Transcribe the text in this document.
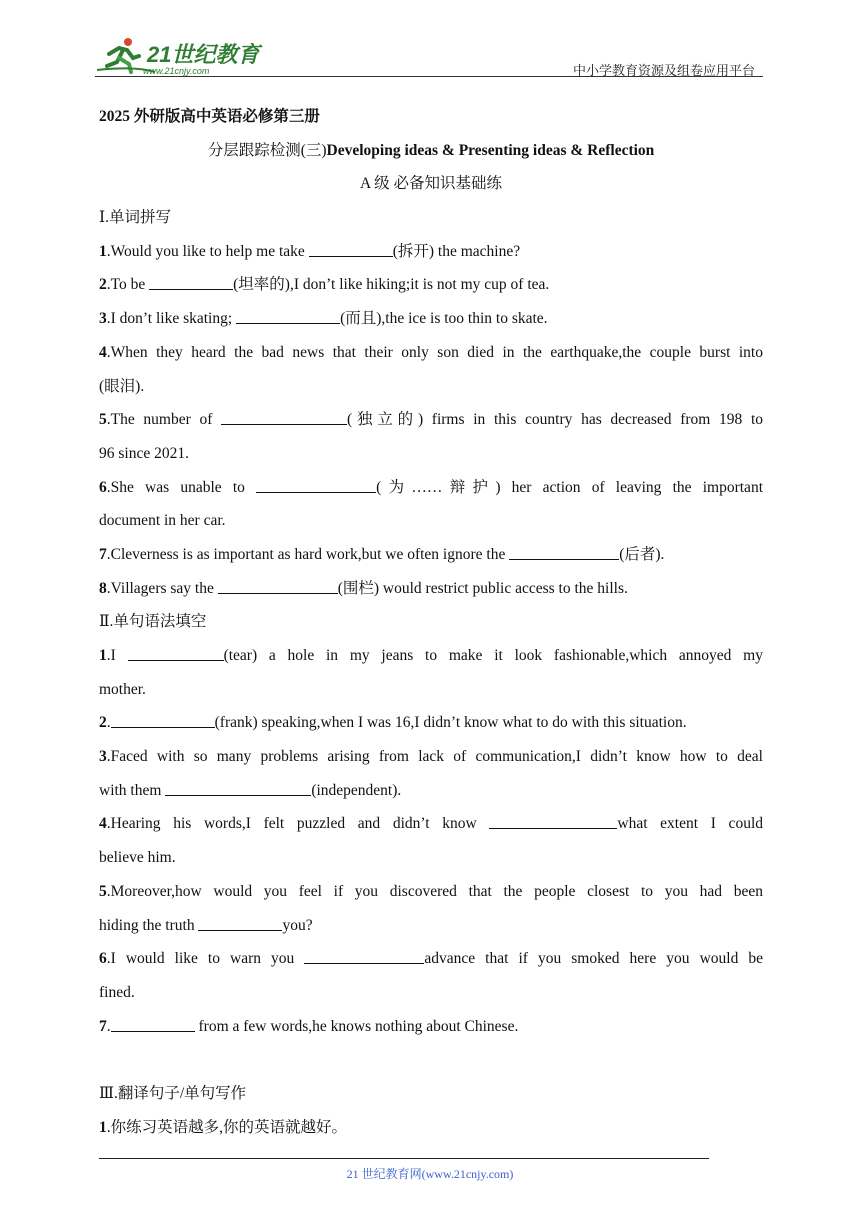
21世纪教育
www.21cnjy.com	中小学教育资源及组卷应用平台
2025 外研版高中英语必修第三册
分层跟踪检测(三)Developing ideas & Presenting ideas & Reflection
A 级 必备知识基础练
Ⅰ.单词拼写
1.Would you like to help me take	(拆开) the machine?
2.To be	(坦率的),I don’t like hiking;it is not my cup of tea.
3.I don’t like skating;	(而且),the ice is too thin to skate.
4.When they heard the bad news that their only son died in the earthquake,the couple burst into
(眼泪).
5.The number of	(独立的) firms in this country has decreased from 198 to
96 since 2021.
6.She was unable to	(为……辩护) her action of leaving the important
document in her car.
7.Cleverness is as important as hard work,but we often ignore the	(后者).
8.Villagers say the	(围栏) would restrict public access to the hills.
Ⅱ.单句语法填空
1.I	(tear) a hole in my jeans to make it look fashionable,which annoyed my
mother.
2.	(frank) speaking,when I was 16,I didn’t know what to do with this situation.
3.Faced with so many problems arising from lack of communication,I didn’t know how to deal
with them	(independent).
4.Hearing his words,I felt puzzled and didn’t know	what extent I could
believe him.
5.Moreover,how would you feel if you discovered that the people closest to you had been
hiding the truth	you?
6.I would like to warn you	advance that if you smoked here you would be
fined.
7.	from a few words,he knows nothing about Chinese.
Ⅲ.翻译句子/单句写作
1.你练习英语越多,你的英语就越好。
21 世纪教育网(www.21cnjy.com)
